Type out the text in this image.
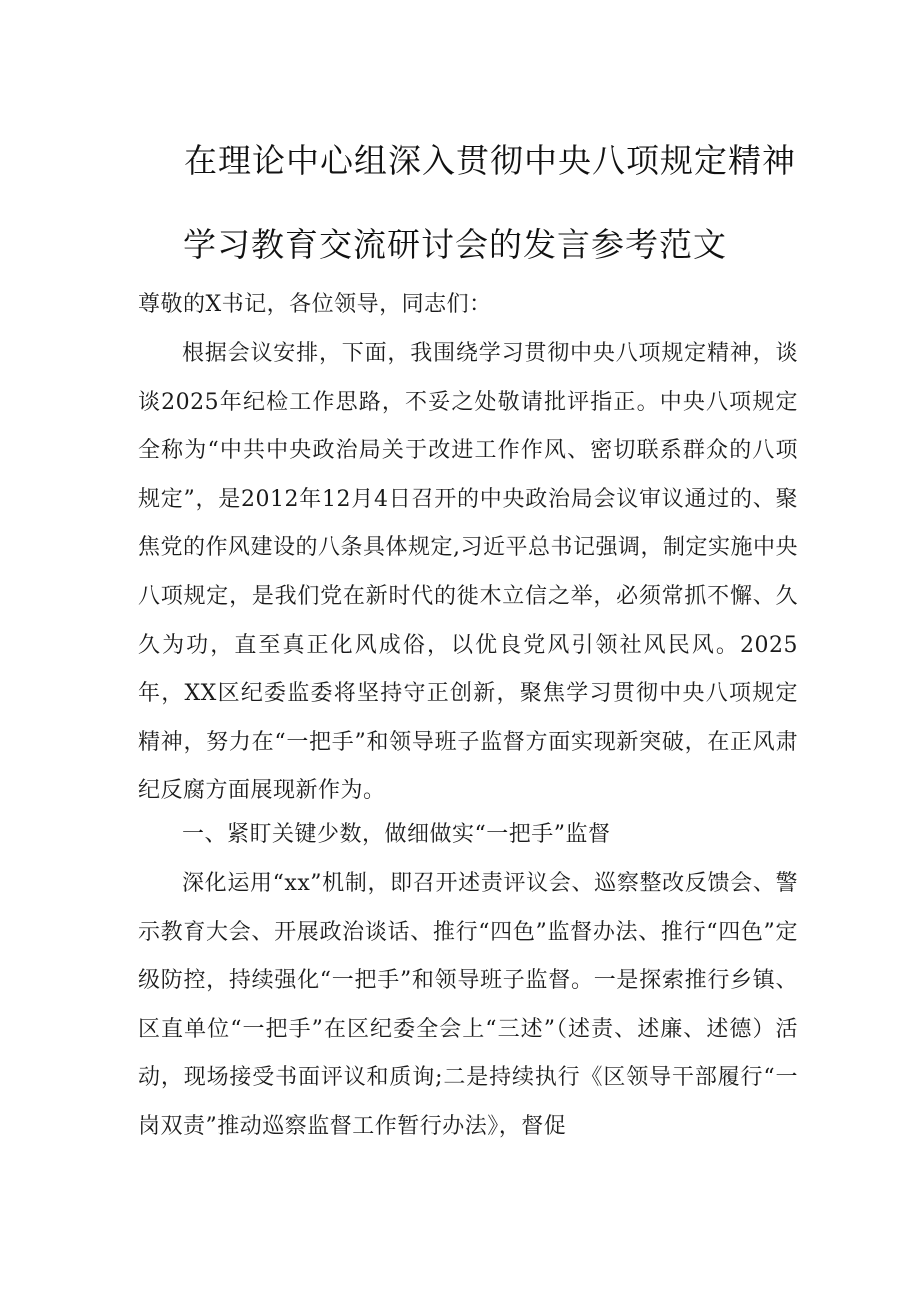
在理论中心组深入贯彻中央八项规定精神
学习教育交流研讨会的发言参考范文

尊敬的X书记，各位领导，同志们：

根据会议安排，下面，我围绕学习贯彻中央八项规定精神，谈谈2025年纪检工作思路，不妥之处敬请批评指正。中央八项规定全称为“中共中央政治局关于改进工作作风、密切联系群众的八项规定”，是2012年12月4日召开的中央政治局会议审议通过的、聚焦党的作风建设的八条具体规定,习近平总书记强调，制定实施中央八项规定，是我们党在新时代的徙木立信之举，必须常抓不懈、久久为功，直至真正化风成俗，以优良党风引领社风民风。2025年，XX区纪委监委将坚持守正创新，聚焦学习贯彻中央八项规定精神，努力在“一把手”和领导班子监督方面实现新突破，在正风肃纪反腐方面展现新作为。

一、紧盯关键少数，做细做实“一把手”监督

深化运用“xx”机制，即召开述责评议会、巡察整改反馈会、警示教育大会、开展政治谈话、推行“四色”监督办法、推行“四色”定级防控，持续强化“一把手”和领导班子监督。一是探索推行乡镇、区直单位“一把手”在区纪委全会上“三述”（述责、述廉、述德）活动，现场接受书面评议和质询;二是持续执行《区领导干部履行“一岗双责”推动巡察监督工作暂行办法》，督促
